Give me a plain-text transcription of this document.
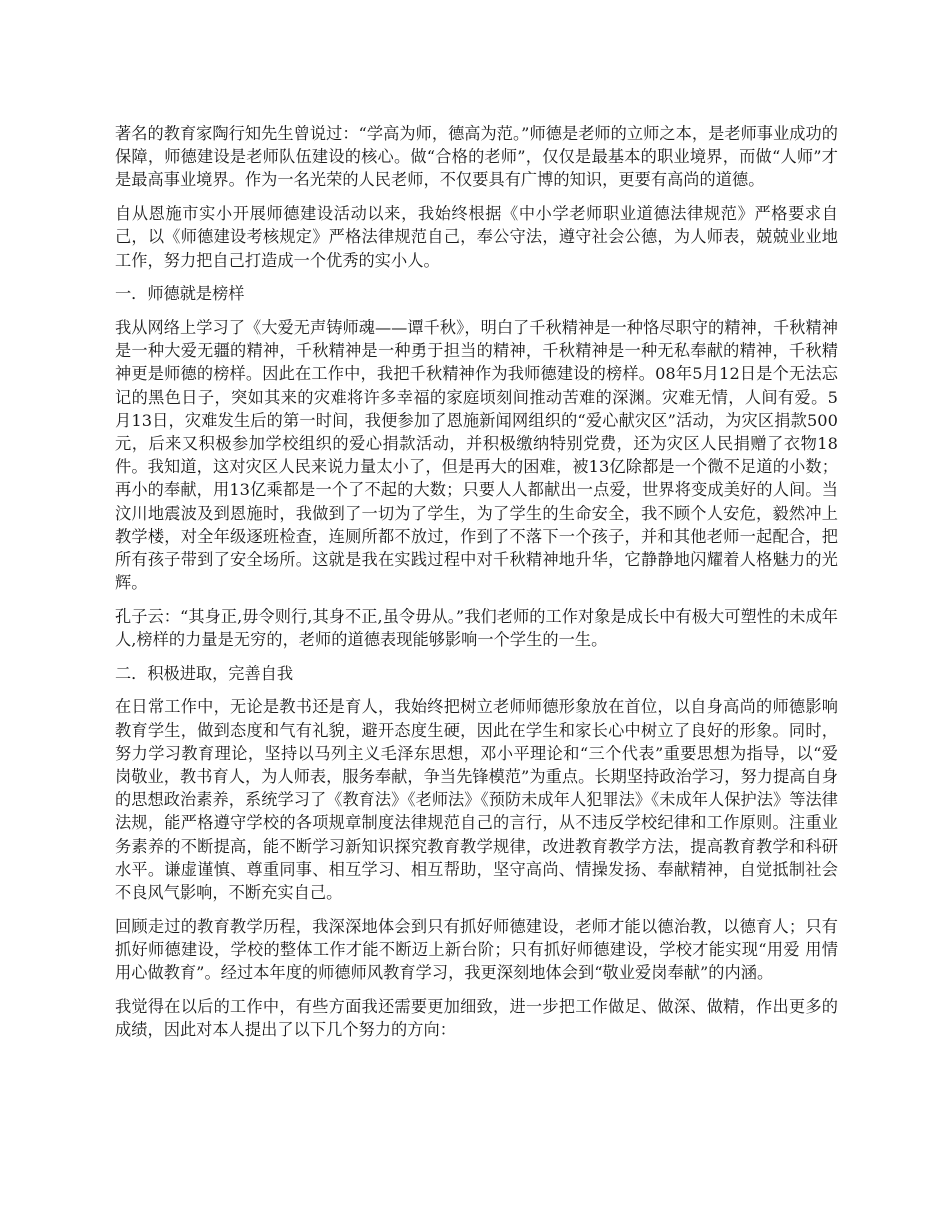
著名的教育家陶行知先生曾说过：“学高为师，德高为范。”师德是老师的立师之本，是老师事业成功的保障，师德建设是老师队伍建设的核心。做“合格的老师”，仅仅是最基本的职业境界，而做“人师”才是最高事业境界。作为一名光荣的人民老师，不仅要具有广博的知识，更要有高尚的道德。

自从恩施市实小开展师德建设活动以来，我始终根据《中小学老师职业道德法律规范》严格要求自己，以《师德建设考核规定》严格法律规范自己，奉公守法，遵守社会公德，为人师表，兢兢业业地工作，努力把自己打造成一个优秀的实小人。

一．师德就是榜样

我从网络上学习了《大爱无声铸师魂——谭千秋》，明白了千秋精神是一种恪尽职守的精神，千秋精神是一种大爱无疆的精神，千秋精神是一种勇于担当的精神，千秋精神是一种无私奉献的精神，千秋精神更是师德的榜样。因此在工作中，我把千秋精神作为我师德建设的榜样。08年5月12日是个无法忘记的黑色日子，突如其来的灾难将许多幸福的家庭顷刻间推动苦难的深渊。灾难无情，人间有爱。5月13日，灾难发生后的第一时间，我便参加了恩施新闻网组织的“爱心献灾区”活动，为灾区捐款500元，后来又积极参加学校组织的爱心捐款活动，并积极缴纳特别党费，还为灾区人民捐赠了衣物18件。我知道，这对灾区人民来说力量太小了，但是再大的困难，被13亿除都是一个微不足道的小数；再小的奉献，用13亿乘都是一个了不起的大数；只要人人都献出一点爱，世界将变成美好的人间。当汶川地震波及到恩施时，我做到了一切为了学生，为了学生的生命安全，我不顾个人安危，毅然冲上教学楼，对全年级逐班检查，连厕所都不放过，作到了不落下一个孩子，并和其他老师一起配合，把所有孩子带到了安全场所。这就是我在实践过程中对千秋精神地升华，它静静地闪耀着人格魅力的光辉。

孔子云：“其身正,毋令则行,其身不正,虽令毋从。”我们老师的工作对象是成长中有极大可塑性的未成年人,榜样的力量是无穷的，老师的道德表现能够影响一个学生的一生。

二．积极进取，完善自我

在日常工作中，无论是教书还是育人，我始终把树立老师师德形象放在首位，以自身高尚的师德影响教育学生，做到态度和气有礼貌，避开态度生硬，因此在学生和家长心中树立了良好的形象。同时，努力学习教育理论，坚持以马列主义毛泽东思想，邓小平理论和“三个代表”重要思想为指导，以“爱岗敬业，教书育人，为人师表，服务奉献，争当先锋模范”为重点。长期坚持政治学习，努力提高自身的思想政治素养，系统学习了《教育法》《老师法》《预防未成年人犯罪法》《未成年人保护法》等法律法规，能严格遵守学校的各项规章制度法律规范自己的言行，从不违反学校纪律和工作原则。注重业务素养的不断提高，能不断学习新知识探究教育教学规律，改进教育教学方法，提高教育教学和科研水平。谦虚谨慎、尊重同事、相互学习、相互帮助，坚守高尚、情操发扬、奉献精神，自觉抵制社会不良风气影响，不断充实自己。

回顾走过的教育教学历程，我深深地体会到只有抓好师德建设，老师才能以德治教，以德育人；只有抓好师德建设，学校的整体工作才能不断迈上新台阶；只有抓好师德建设，学校才能实现“用爱 用情 用心做教育”。经过本年度的师德师风教育学习，我更深刻地体会到“敬业爱岗奉献”的内涵。

我觉得在以后的工作中，有些方面我还需要更加细致，进一步把工作做足、做深、做精，作出更多的成绩，因此对本人提出了以下几个努力的方向：
